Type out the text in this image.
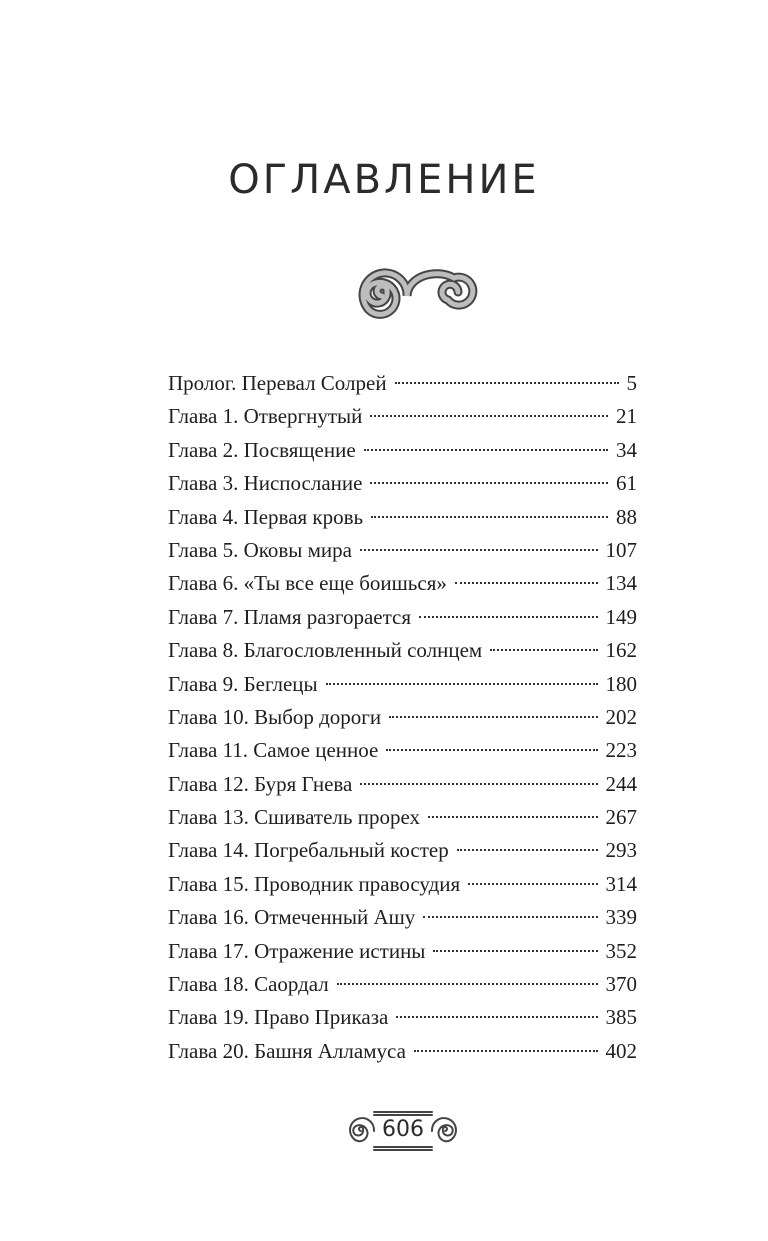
ОГЛАВЛЕНИЕ
Пролог. Перевал Солрей	5
Глава 1. Отвергнутый	21
Глава 2. Посвящение	34
Глава 3. Ниспослание	61
Глава 4. Первая кровь	88
Глава 5. Оковы мира	107
Глава 6. «Ты все еще боишься»	134
Глава 7. Пламя разгорается	149
Глава 8. Благословленный солнцем	162
Глава 9. Беглецы	180
Глава 10. Выбор дороги	202
Глава 11. Самое ценное	223
Глава 12. Буря Гнева	244
Глава 13. Сшиватель прорех	267
Глава 14. Погребальный костер	293
Глава 15. Проводник правосудия	314
Глава 16. Отмеченный Ашу	339
Глава 17. Отражение истины	352
Глава 18. Саордал	370
Глава 19. Право Приказа	385
Глава 20. Башня Алламуса	402
606
